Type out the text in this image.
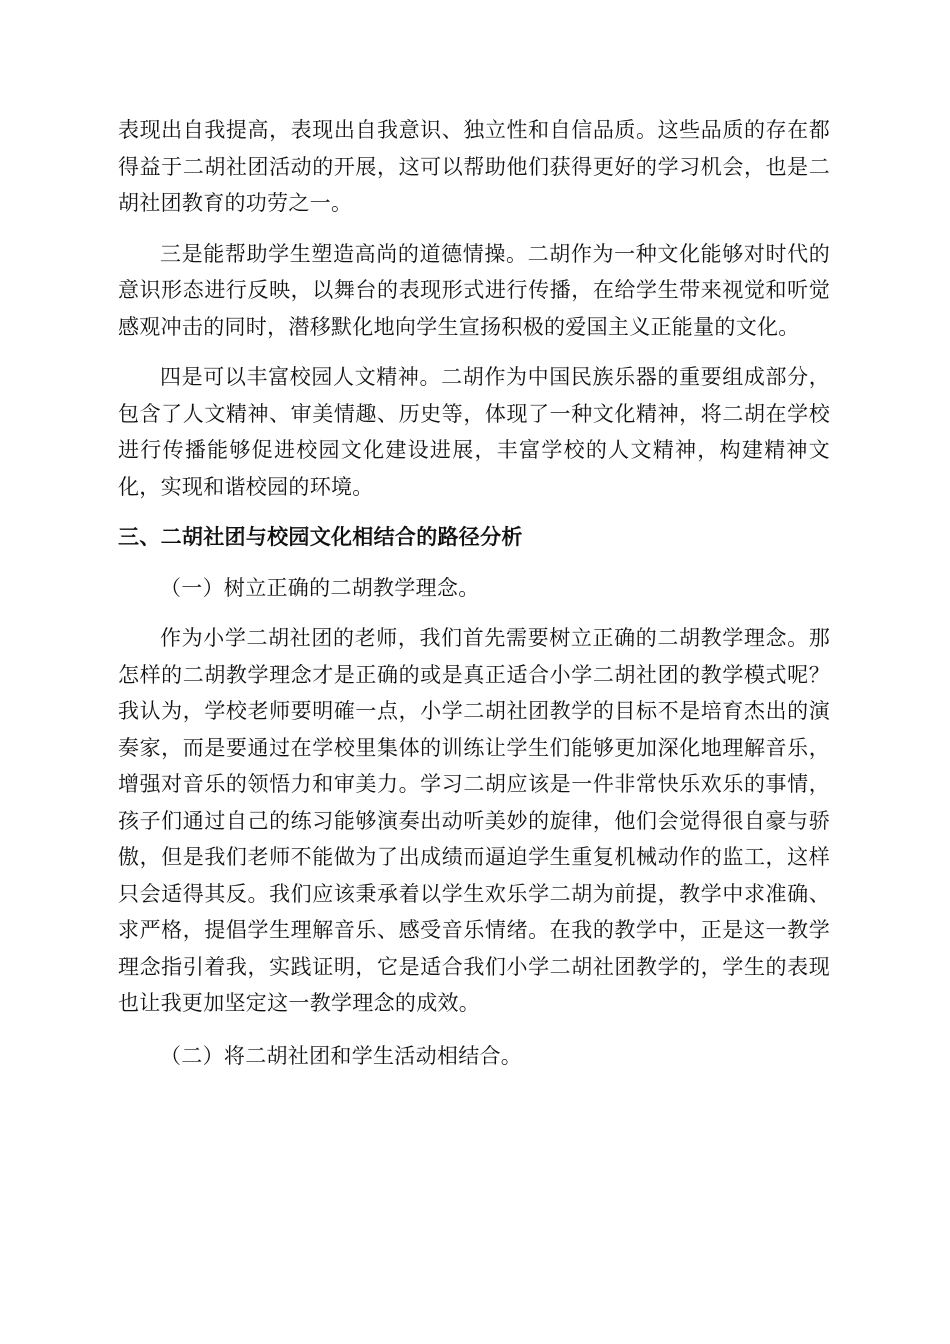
表现出自我提高，表现出自我意识、独立性和自信品质。这些品质的存在都得益于二胡社团活动的开展，这可以帮助他们获得更好的学习机会，也是二胡社团教育的功劳之一。

三是能帮助学生塑造高尚的道德情操。二胡作为一种文化能够对时代的意识形态进行反映，以舞台的表现形式进行传播，在给学生带来视觉和听觉感观冲击的同时，潜移默化地向学生宣扬积极的爱国主义正能量的文化。

四是可以丰富校园人文精神。二胡作为中国民族乐器的重要组成部分，包含了人文精神、审美情趣、历史等，体现了一种文化精神，将二胡在学校进行传播能够促进校园文化建设进展，丰富学校的人文精神，构建精神文化，实现和谐校园的环境。

三、二胡社团与校园文化相结合的路径分析

（一）树立正确的二胡教学理念。

作为小学二胡社团的老师，我们首先需要树立正确的二胡教学理念。那怎样的二胡教学理念才是正确的或是真正适合小学二胡社团的教学模式呢？我认为，学校老师要明確一点，小学二胡社团教学的目标不是培育杰出的演奏家，而是要通过在学校里集体的训练让学生们能够更加深化地理解音乐，增强对音乐的领悟力和审美力。学习二胡应该是一件非常快乐欢乐的事情，孩子们通过自己的练习能够演奏出动听美妙的旋律，他们会觉得很自豪与骄傲，但是我们老师不能做为了出成绩而逼迫学生重复机械动作的监工，这样只会适得其反。我们应该秉承着以学生欢乐学二胡为前提，教学中求准确、求严格，提倡学生理解音乐、感受音乐情绪。在我的教学中，正是这一教学理念指引着我，实践证明，它是适合我们小学二胡社团教学的，学生的表现也让我更加坚定这一教学理念的成效。

（二）将二胡社团和学生活动相结合。
